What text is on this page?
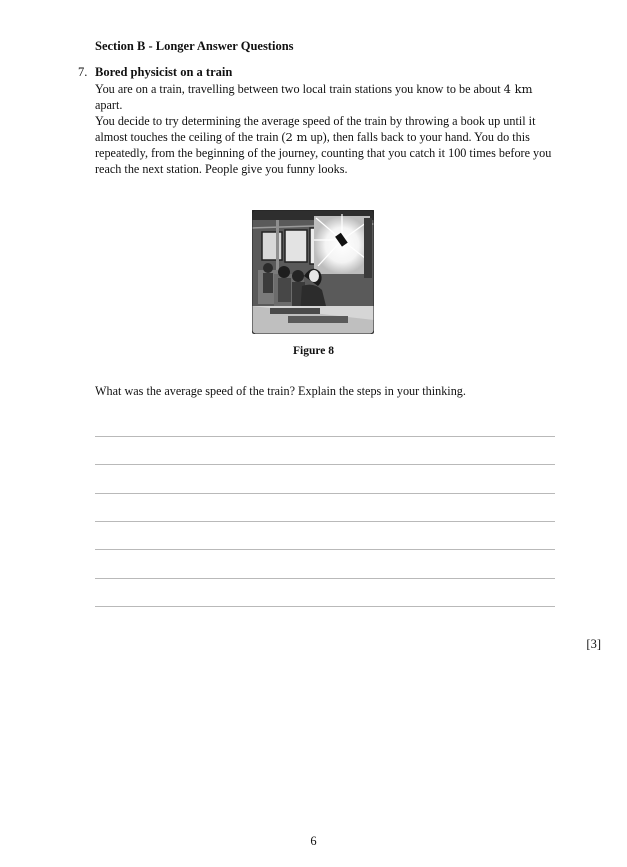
Section B - Longer Answer Questions
7. Bored physicist on a train

You are on a train, travelling between two local train stations you know to be about 4 km apart.

You decide to try determining the average speed of the train by throwing a book up until it almost touches the ceiling of the train (2 m up), then falls back to your hand. You do this repeatedly, from the beginning of the journey, counting that you catch it 100 times before you reach the next station. People give you funny looks.

Figure 8
What was the average speed of the train? Explain the steps in your thinking.
[3]
6
